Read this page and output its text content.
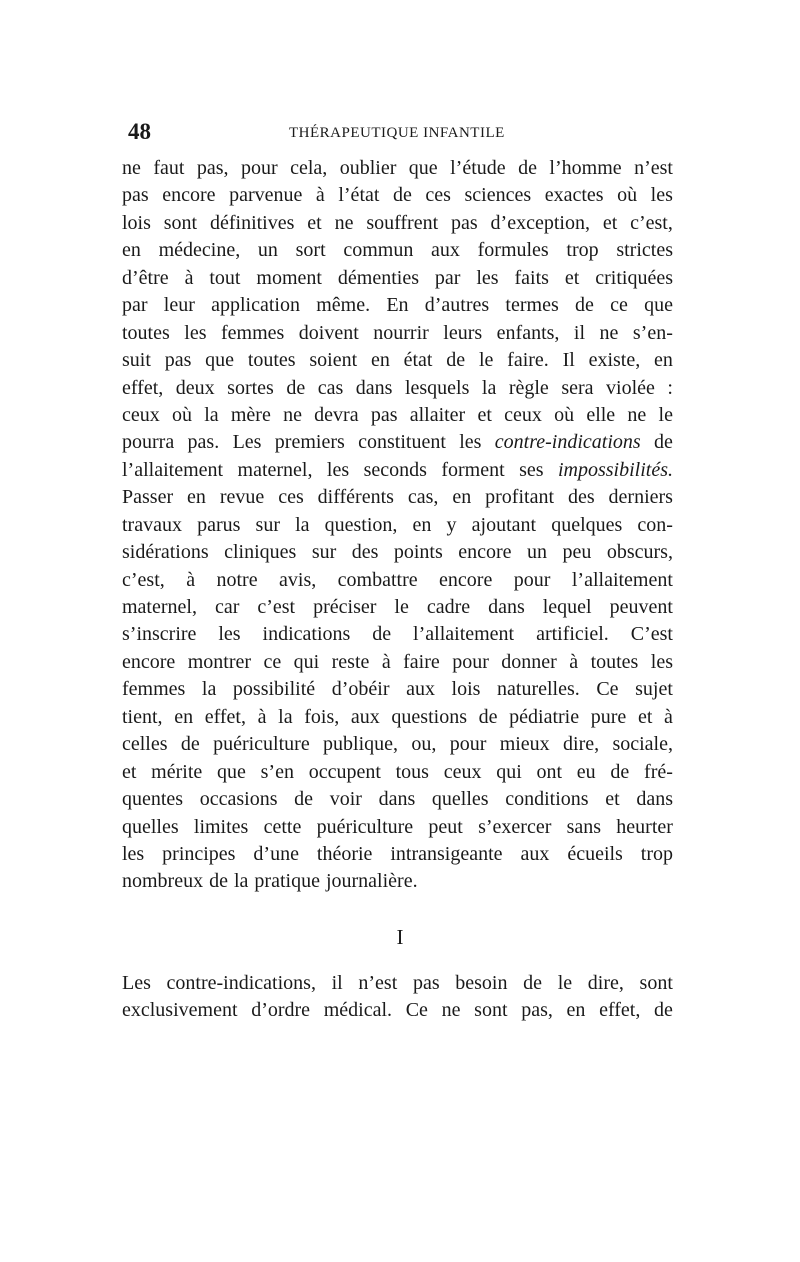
48	THÉRAPEUTIQUE INFANTILE
ne faut pas, pour cela, oublier que l’étude de l’homme n’est
pas encore parvenue à l’état de ces sciences exactes où les
lois sont définitives et ne souffrent pas d’exception, et c’est,
en médecine, un sort commun aux formules trop strictes
d’être à tout moment démenties par les faits et critiquées
par leur application même. En d’autres termes de ce que
toutes les femmes doivent nourrir leurs enfants, il ne s’en-
suit pas que toutes soient en état de le faire. Il existe, en
effet, deux sortes de cas dans lesquels la règle sera violée :
ceux où la mère ne devra pas allaiter et ceux où elle ne le
pourra pas. Les premiers constituent les contre-indications de
l’allaitement maternel, les seconds forment ses impossibilités.
Passer en revue ces différents cas, en profitant des derniers
travaux parus sur la question, en y ajoutant quelques con-
sidérations cliniques sur des points encore un peu obscurs,
c’est, à notre avis, combattre encore pour l’allaitement
maternel, car c’est préciser le cadre dans lequel peuvent
s’inscrire les indications de l’allaitement artificiel. C’est
encore montrer ce qui reste à faire pour donner à toutes les
femmes la possibilité d’obéir aux lois naturelles. Ce sujet
tient, en effet, à la fois, aux questions de pédiatrie pure et à
celles de puériculture publique, ou, pour mieux dire, sociale,
et mérite que s’en occupent tous ceux qui ont eu de fré-
quentes occasions de voir dans quelles conditions et dans
quelles limites cette puériculture peut s’exercer sans heurter
les principes d’une théorie intransigeante aux écueils trop
nombreux de la pratique journalière.
I
Les contre-indications, il n’est pas besoin de le dire, sont
exclusivement d’ordre médical. Ce ne sont pas, en effet, de
